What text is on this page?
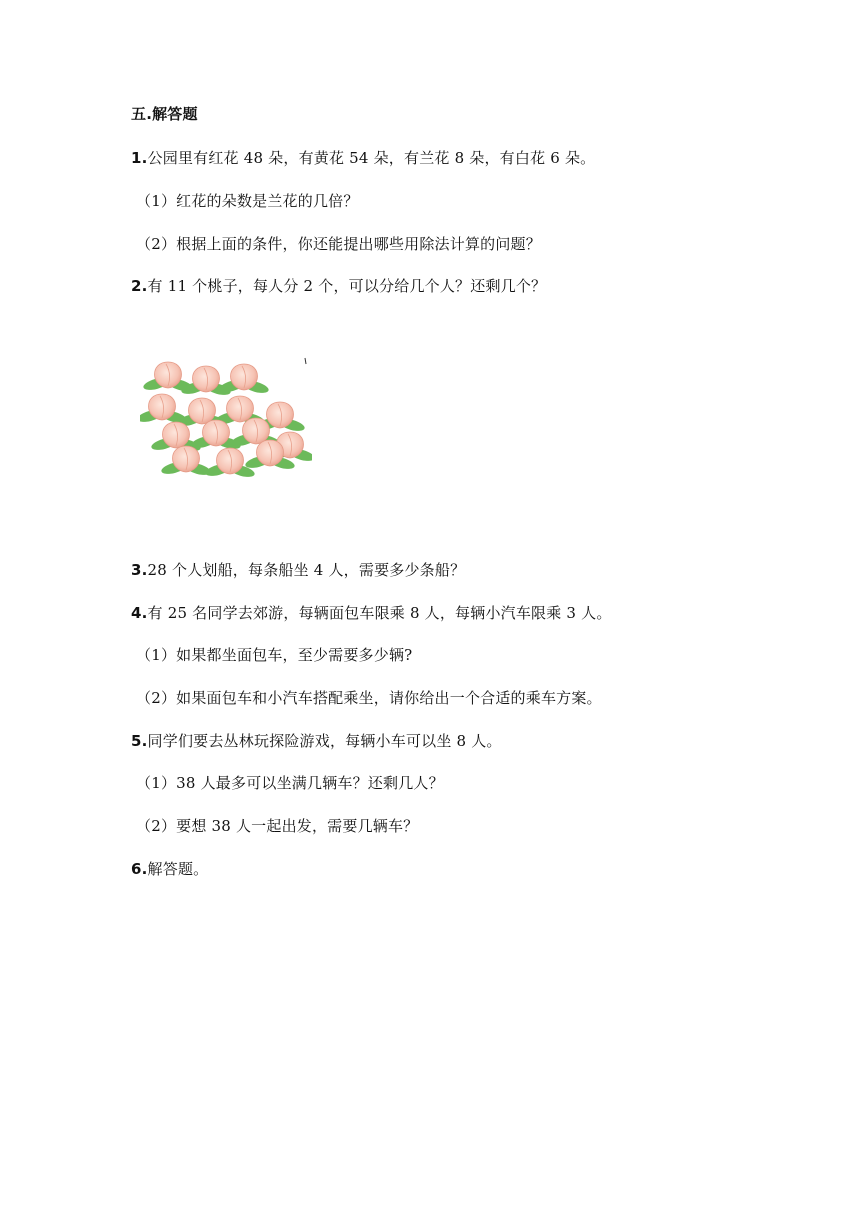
五.解答题
1.公园里有红花 48 朵，有黄花 54 朵，有兰花 8 朵，有白花 6 朵。
（1）红花的朵数是兰花的几倍？
（2）根据上面的条件，你还能提出哪些用除法计算的问题？
2.有 11 个桃子，每人分 2 个，可以分给几个人？还剩几个？
3.28 个人划船，每条船坐 4 人，需要多少条船？
4.有 25 名同学去郊游，每辆面包车限乘 8 人，每辆小汽车限乘 3 人。
（1）如果都坐面包车，至少需要多少辆?
（2）如果面包车和小汽车搭配乘坐，请你给出一个合适的乘车方案。
5.同学们要去丛林玩探险游戏，每辆小车可以坐 8 人。
（1）38 人最多可以坐满几辆车？还剩几人？
（2）要想 38 人一起出发，需要几辆车？
6.解答题。
